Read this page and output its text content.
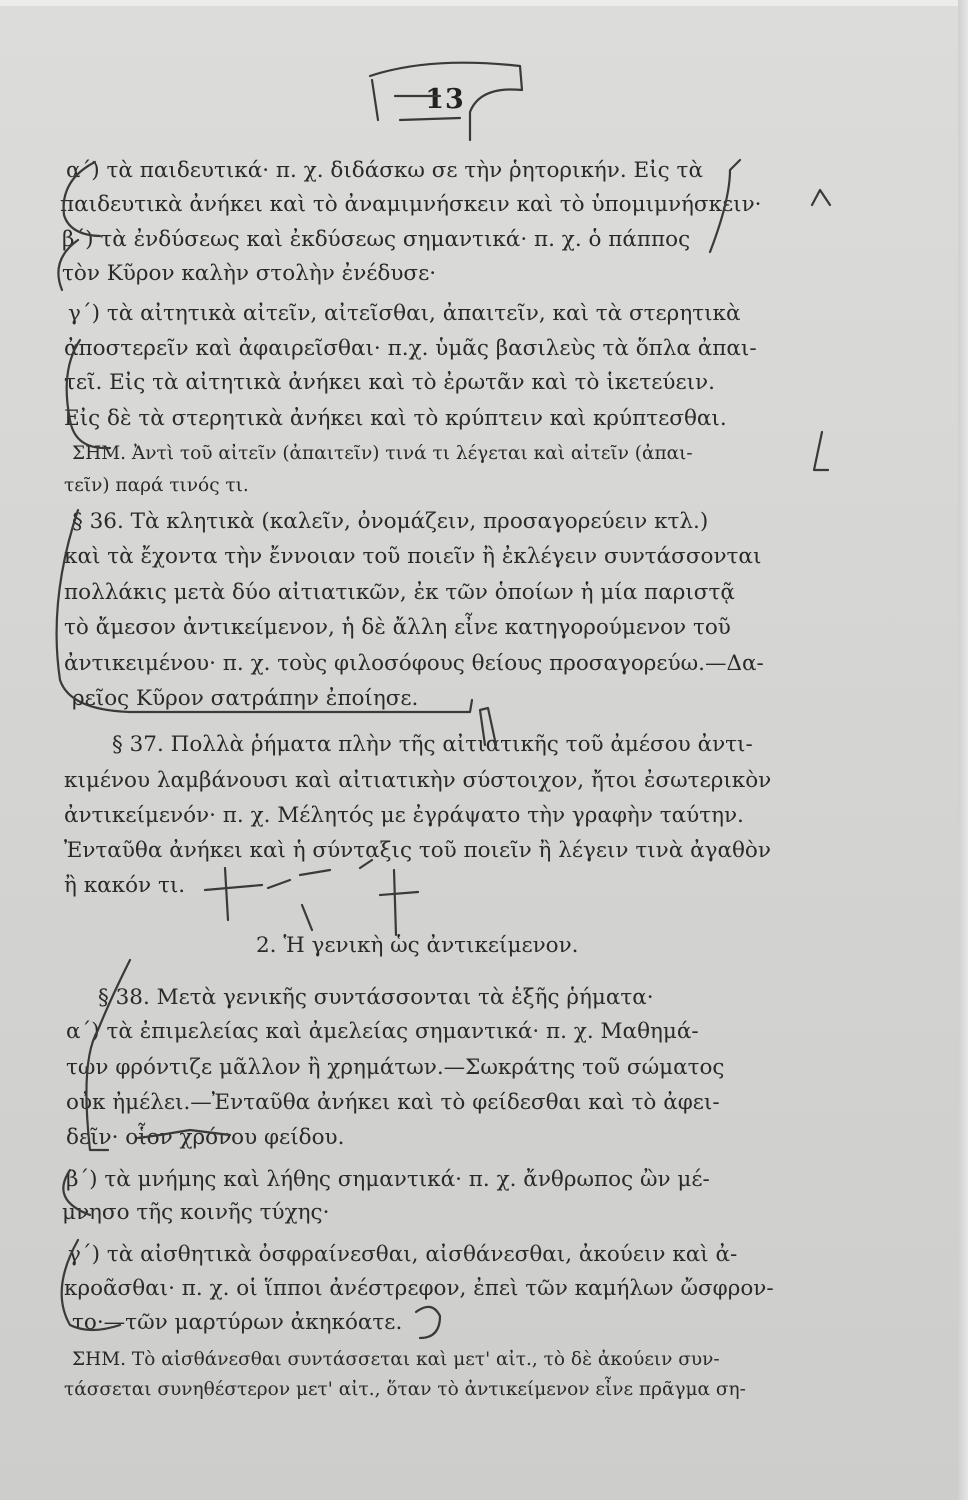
13
α΄) τὰ παιδευτικά· π. χ. διδάσκω σε τὴν ῥητορικήν. Εἰς τὰ
παιδευτικὰ ἀνήκει καὶ τὸ ἀναμιμνήσκειν καὶ τὸ ὑπομιμνήσκειν·
β΄) τὰ ἐνδύσεως καὶ ἐκδύσεως σημαντικά· π. χ. ὁ πάππος
τὸν Κῦρον καλὴν στολὴν ἐνέδυσε·
γ΄) τὰ αἰτητικὰ αἰτεῖν, αἰτεῖσθαι, ἀπαιτεῖν, καὶ τὰ στερητικὰ
ἀποστερεῖν καὶ ἀφαιρεῖσθαι· π.χ. ὑμᾶς βασιλεὺς τὰ ὅπλα ἀπαι-
τεῖ. Εἰς τὰ αἰτητικὰ ἀνήκει καὶ τὸ ἐρωτᾶν καὶ τὸ ἱκετεύειν.
Εἰς δὲ τὰ στερητικὰ ἀνήκει καὶ τὸ κρύπτειν καὶ κρύπτεσθαι.
ΣΗΜ. Ἀντὶ τοῦ αἰτεῖν (ἀπαιτεῖν) τινά τι λέγεται καὶ αἰτεῖν (ἀπαι-
τεῖν) παρά τινός τι.
§ 36. Τὰ κλητικὰ (καλεῖν, ὀνομάζειν, προσαγορεύειν κτλ.)
καὶ τὰ ἔχοντα τὴν ἔννοιαν τοῦ ποιεῖν ἢ ἐκλέγειν συντάσσονται
πολλάκις μετὰ δύο αἰτιατικῶν, ἐκ τῶν ὁποίων ἡ μία παριστᾷ
τὸ ἄμεσον ἀντικείμενον, ἡ δὲ ἄλλη εἶνε κατηγορούμενον τοῦ
ἀντικειμένου· π. χ. τοὺς φιλοσόφους θείους προσαγορεύω.—Δα-
ρεῖος Κῦρον σατράπην ἐποίησε.
§ 37. Πολλὰ ῥήματα πλὴν τῆς αἰτιατικῆς τοῦ ἀμέσου ἀντι-
κιμένου λαμβάνουσι καὶ αἰτιατικὴν σύστοιχον, ἤτοι ἐσωτερικὸν
ἀντικείμενόν· π. χ. Μέλητός με ἐγράψατο τὴν γραφὴν ταύτην.
Ἐνταῦθα ἀνήκει καὶ ἡ σύνταξις τοῦ ποιεῖν ἢ λέγειν τινὰ ἀγαθὸν
ἢ κακόν τι.
2. Ἡ γενικὴ ὡς ἀντικείμενον.
§ 38. Μετὰ γενικῆς συντάσσονται τὰ ἑξῆς ῥήματα·
α΄) τὰ ἐπιμελείας καὶ ἀμελείας σημαντικά· π. χ. Μαθημά-
των φρόντιζε μᾶλλον ἢ χρημάτων.—Σωκράτης τοῦ σώματος
οὐκ ἠμέλει.—Ἐνταῦθα ἀνήκει καὶ τὸ φείδεσθαι καὶ τὸ ἀφει-
δεῖν· οἷον χρόνου φείδου.
β΄) τὰ μνήμης καὶ λήθης σημαντικά· π. χ. ἄνθρωπος ὢν μέ-
μνησο τῆς κοινῆς τύχης·
γ΄) τὰ αἰσθητικὰ ὀσφραίνεσθαι, αἰσθάνεσθαι, ἀκούειν καὶ ἀ-
κροᾶσθαι· π. χ. οἱ ἵπποι ἀνέστρεφον, ἐπεὶ τῶν καμήλων ὤσφρον-
το·—τῶν μαρτύρων ἀκηκόατε.
ΣΗΜ. Τὸ αἰσθάνεσθαι συντάσσεται καὶ μετ' αἰτ., τὸ δὲ ἀκούειν συν-
τάσσεται συνηθέστερον μετ' αἰτ., ὅταν τὸ ἀντικείμενον εἶνε πρᾶγμα ση-
